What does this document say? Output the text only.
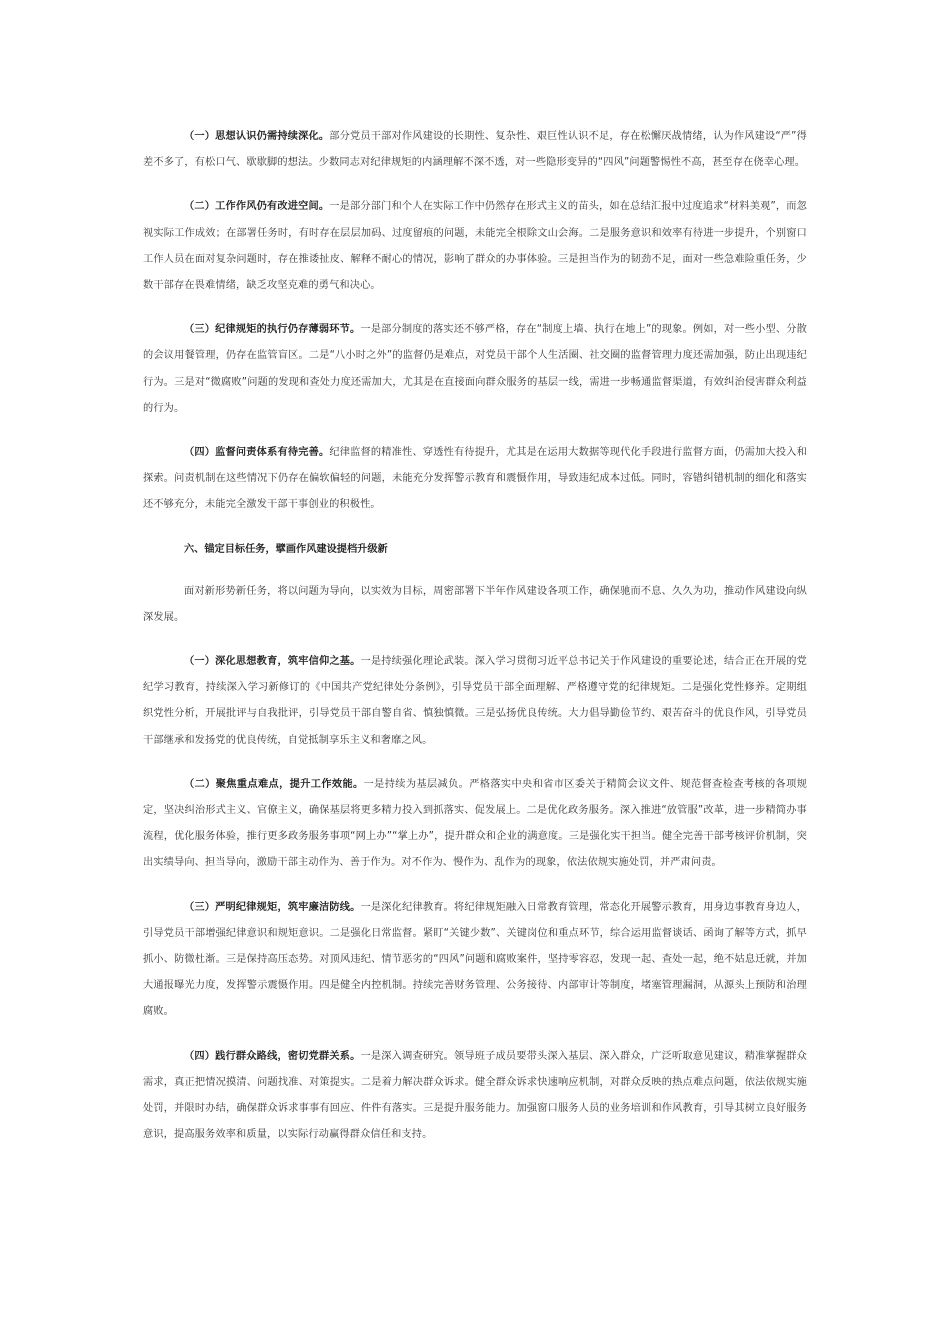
（一）思想认识仍需持续深化。部分党员干部对作风建设的长期性、复杂性、艰巨性认识不足，存在松懈厌战情绪，认为作风建设“严”得差不多了，有松口气、歇歇脚的想法。少数同志对纪律规矩的内涵理解不深不透，对一些隐形变异的“四风”问题警惕性不高，甚至存在侥幸心理。

（二）工作作风仍有改进空间。一是部分部门和个人在实际工作中仍然存在形式主义的苗头，如在总结汇报中过度追求“材料美观”，而忽视实际工作成效；在部署任务时，有时存在层层加码、过度留痕的问题，未能完全根除文山会海。二是服务意识和效率有待进一步提升，个别窗口工作人员在面对复杂问题时，存在推诿扯皮、解释不耐心的情况，影响了群众的办事体验。三是担当作为的韧劲不足，面对一些急难险重任务，少数干部存在畏难情绪，缺乏攻坚克难的勇气和决心。

（三）纪律规矩的执行仍存薄弱环节。一是部分制度的落实还不够严格，存在“制度上墙、执行在地上”的现象。例如，对一些小型、分散的会议用餐管理，仍存在监管盲区。二是“八小时之外”的监督仍是难点，对党员干部个人生活圈、社交圈的监督管理力度还需加强，防止出现违纪行为。三是对“微腐败”问题的发现和查处力度还需加大，尤其是在直接面向群众服务的基层一线，需进一步畅通监督渠道，有效纠治侵害群众利益的行为。

（四）监督问责体系有待完善。纪律监督的精准性、穿透性有待提升，尤其是在运用大数据等现代化手段进行监督方面，仍需加大投入和探索。问责机制在这些情况下仍存在偏软偏轻的问题，未能充分发挥警示教育和震慑作用，导致违纪成本过低。同时，容错纠错机制的细化和落实还不够充分，未能完全激发干部干事创业的积极性。

六、锚定目标任务，擘画作风建设提档升级新

面对新形势新任务，将以问题为导向，以实效为目标，周密部署下半年作风建设各项工作，确保驰而不息、久久为功，推动作风建设向纵深发展。

（一）深化思想教育，筑牢信仰之基。一是持续强化理论武装。深入学习贯彻习近平总书记关于作风建设的重要论述，结合正在开展的党纪学习教育，持续深入学习新修订的《中国共产党纪律处分条例》，引导党员干部全面理解、严格遵守党的纪律规矩。二是强化党性修养。定期组织党性分析，开展批评与自我批评，引导党员干部自警自省、慎独慎微。三是弘扬优良传统。大力倡导勤俭节约、艰苦奋斗的优良作风，引导党员干部继承和发扬党的优良传统，自觉抵制享乐主义和奢靡之风。

（二）聚焦重点难点，提升工作效能。一是持续为基层减负。严格落实中央和省市区委关于精简会议文件、规范督查检查考核的各项规定，坚决纠治形式主义、官僚主义，确保基层将更多精力投入到抓落实、促发展上。二是优化政务服务。深入推进“放管服”改革，进一步精简办事流程，优化服务体验，推行更多政务服务事项“网上办”“掌上办”，提升群众和企业的满意度。三是强化实干担当。健全完善干部考核评价机制，突出实绩导向、担当导向，激励干部主动作为、善于作为。对不作为、慢作为、乱作为的现象，依法依规实施处罚，并严肃问责。

（三）严明纪律规矩，筑牢廉洁防线。一是深化纪律教育。将纪律规矩融入日常教育管理，常态化开展警示教育，用身边事教育身边人，引导党员干部增强纪律意识和规矩意识。二是强化日常监督。紧盯“关键少数”、关键岗位和重点环节，综合运用监督谈话、函询了解等方式，抓早抓小、防微杜渐。三是保持高压态势。对顶风违纪、情节恶劣的“四风”问题和腐败案件，坚持零容忍，发现一起、查处一起，绝不姑息迁就，并加大通报曝光力度，发挥警示震慑作用。四是健全内控机制。持续完善财务管理、公务接待、内部审计等制度，堵塞管理漏洞，从源头上预防和治理腐败。

（四）践行群众路线，密切党群关系。一是深入调查研究。领导班子成员要带头深入基层、深入群众，广泛听取意见建议，精准掌握群众需求，真正把情况摸清、问题找准、对策提实。二是着力解决群众诉求。健全群众诉求快速响应机制，对群众反映的热点难点问题，依法依规实施处罚，并限时办结，确保群众诉求事事有回应、件件有落实。三是提升服务能力。加强窗口服务人员的业务培训和作风教育，引导其树立良好服务意识，提高服务效率和质量，以实际行动赢得群众信任和支持。
